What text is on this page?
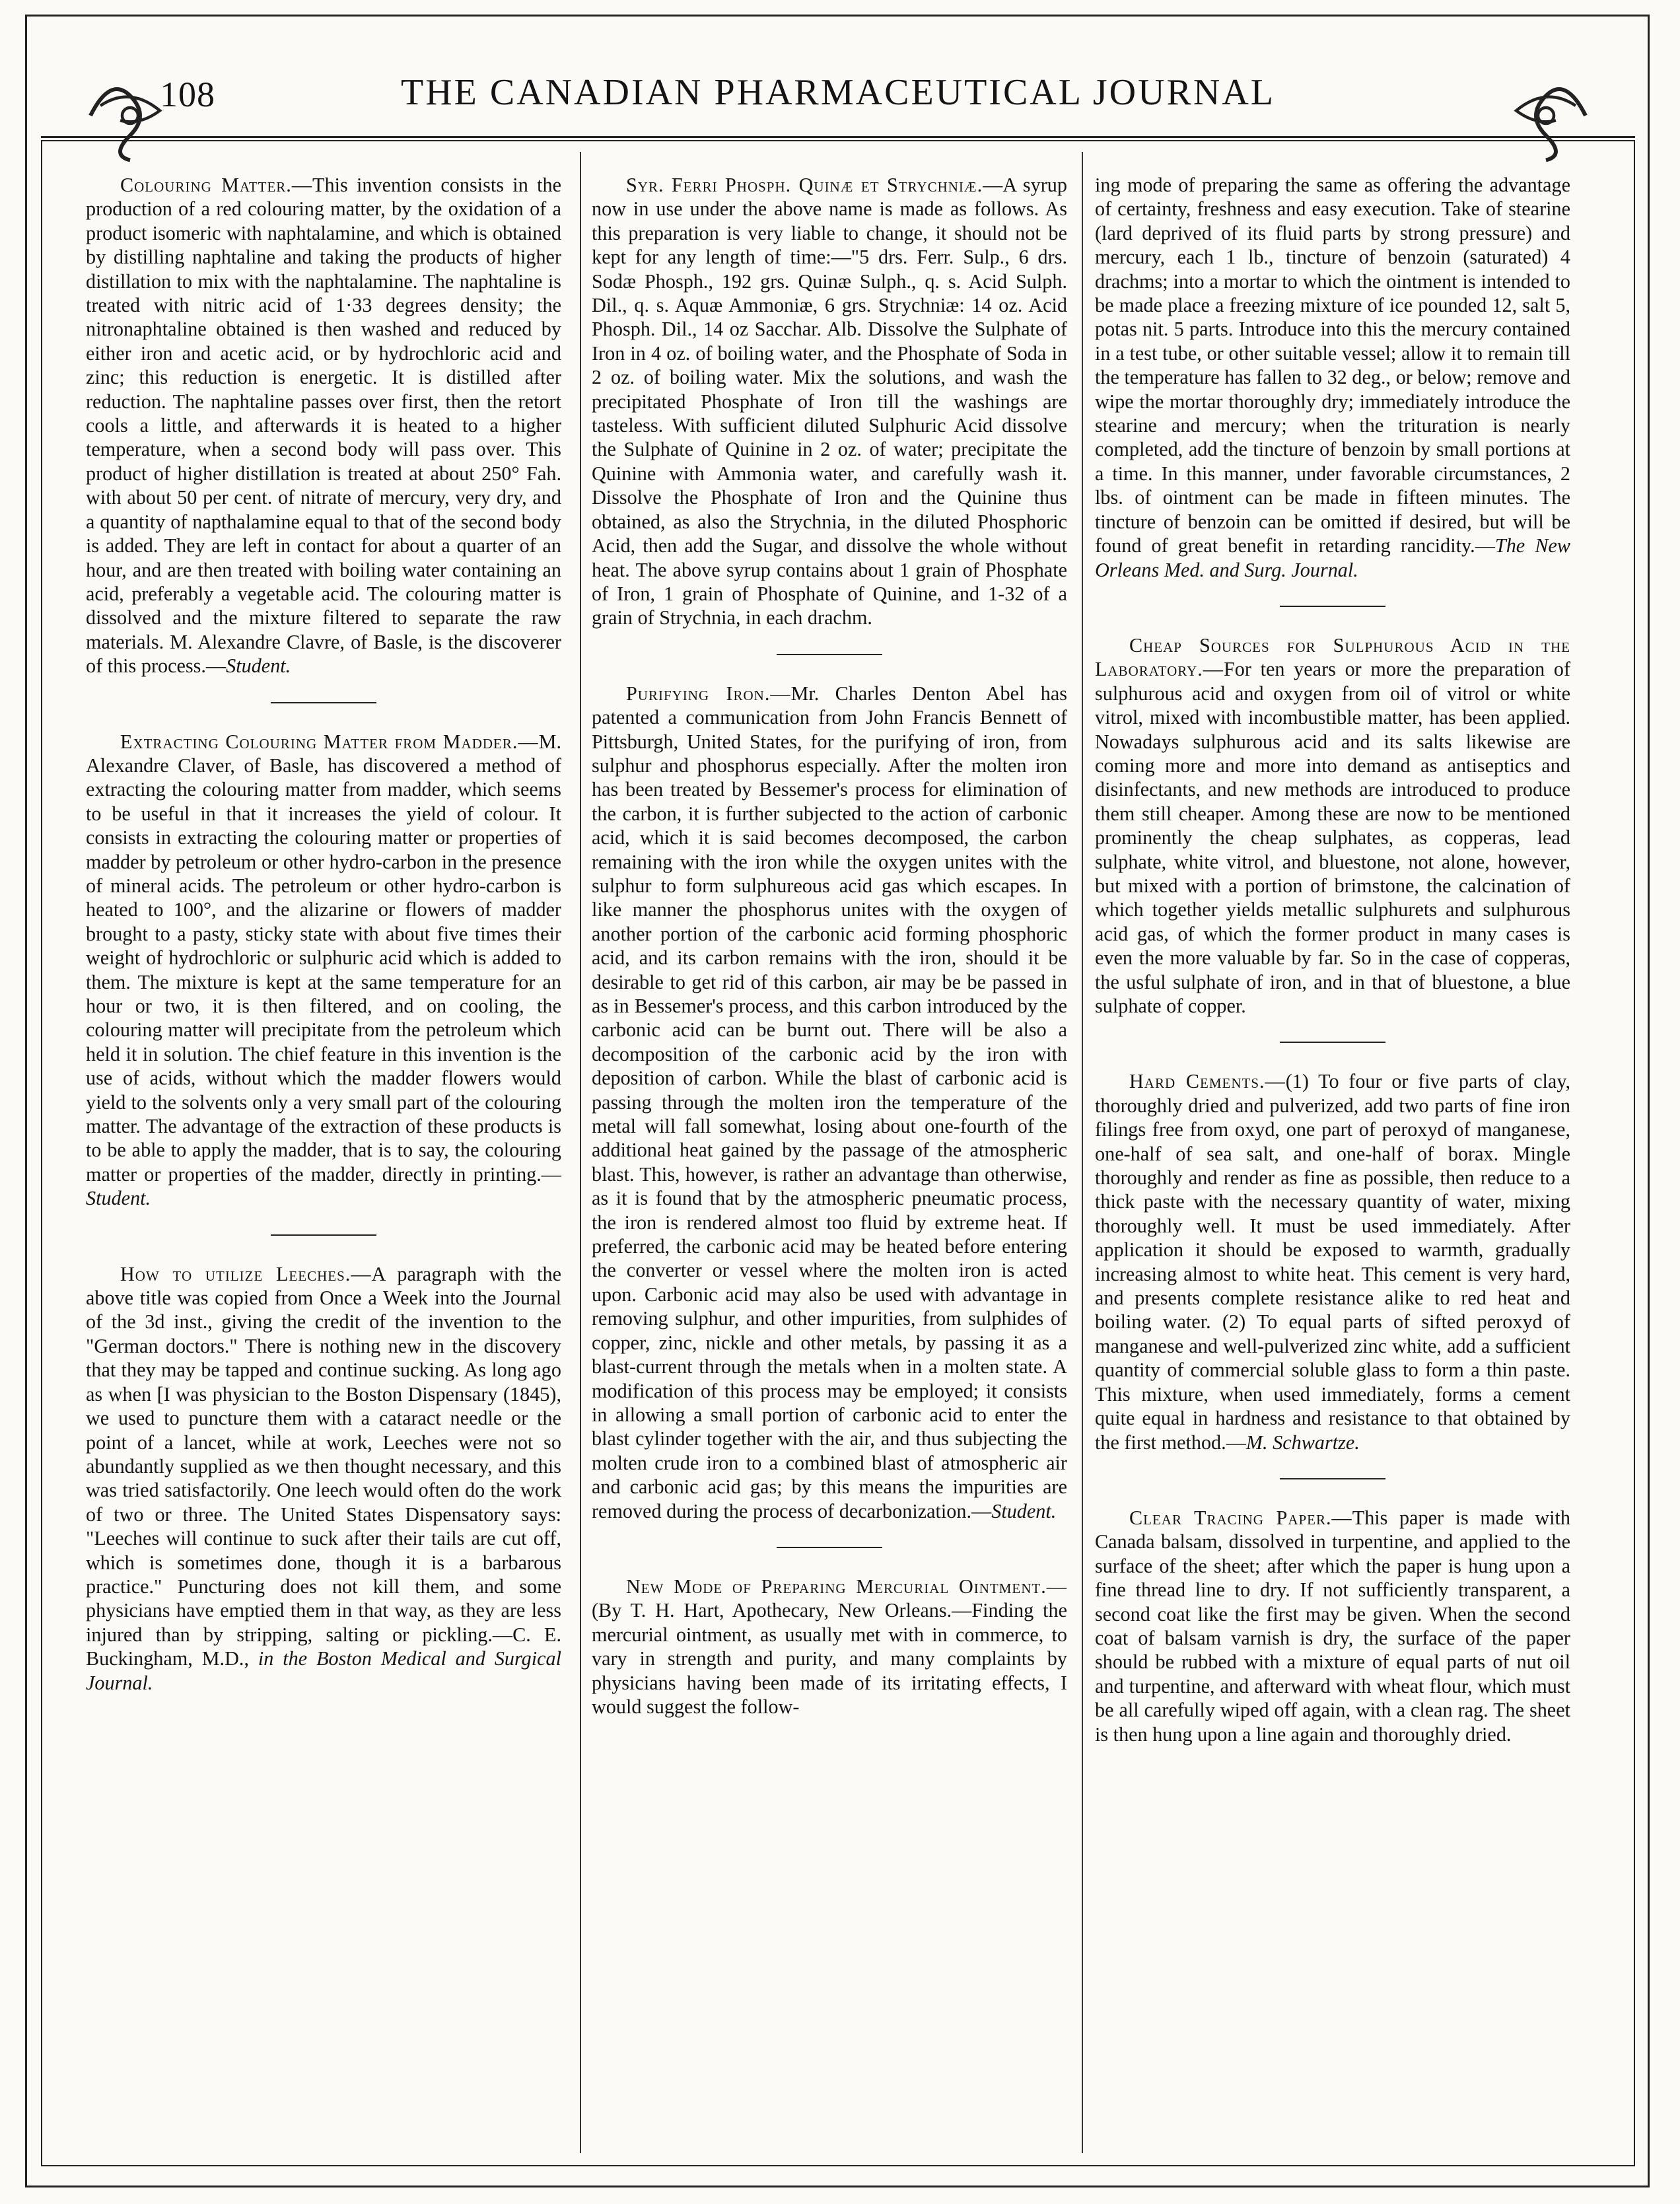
108	THE CANADIAN PHARMACEUTICAL JOURNAL

Colouring Matter.—This invention consists in the production of a red colouring matter, by the oxidation of a product isomeric with naphtalamine, and which is obtained by distilling naphtaline and taking the products of higher distillation to mix with the naphtalamine. The naphtaline is treated with nitric acid of 1·33 degrees density; the nitronaphtaline obtained is then washed and reduced by either iron and acetic acid, or by hydrochloric acid and zinc; this reduction is energetic. It is distilled after reduction. The naphtaline passes over first, then the retort cools a little, and afterwards it is heated to a higher temperature, when a second body will pass over. This product of higher distillation is treated at about 250° Fah. with about 50 per cent. of nitrate of mercury, very dry, and a quantity of napthalamine equal to that of the second body is added. They are left in contact for about a quarter of an hour, and are then treated with boiling water containing an acid, preferably a vegetable acid. The colouring matter is dissolved and the mixture filtered to separate the raw materials. M. Alexandre Clavre, of Basle, is the discoverer of this process.—Student.

Extracting Colouring Matter from Madder.—M. Alexandre Claver, of Basle, has discovered a method of extracting the colouring matter from madder, which seems to be useful in that it increases the yield of colour. It consists in extracting the colouring matter or properties of madder by petroleum or other hydro-carbon in the presence of mineral acids. The petroleum or other hydro-carbon is heated to 100°, and the alizarine or flowers of madder brought to a pasty, sticky state with about five times their weight of hydrochloric or sulphuric acid which is added to them. The mixture is kept at the same temperature for an hour or two, it is then filtered, and on cooling, the colouring matter will precipitate from the petroleum which held it in solution. The chief feature in this invention is the use of acids, without which the madder flowers would yield to the solvents only a very small part of the colouring matter. The advantage of the extraction of these products is to be able to apply the madder, that is to say, the colouring matter or properties of the madder, directly in printing.—Student.

How to utilize Leeches.—A paragraph with the above title was copied from Once a Week into the Journal of the 3d inst., giving the credit of the invention to the "German doctors." There is nothing new in the discovery that they may be tapped and continue sucking. As long ago as when [I was physician to the Boston Dispensary (1845), we used to puncture them with a cataract needle or the point of a lancet, while at work, Leeches were not so abundantly supplied as we then thought necessary, and this was tried satisfactorily. One leech would often do the work of two or three. The United States Dispensatory says: "Leeches will continue to suck after their tails are cut off, which is sometimes done, though it is a barbarous practice." Puncturing does not kill them, and some physicians have emptied them in that way, as they are less injured than by stripping, salting or pickling.—C. E. Buckingham, M.D., in the Boston Medical and Surgical Journal.

Syr. Ferri Phosph. Quinæ et Strychniæ.—A syrup now in use under the above name is made as follows. As this preparation is very liable to change, it should not be kept for any length of time:—"5 drs. Ferr. Sulp., 6 drs. Sodæ Phosph., 192 grs. Quinæ Sulph., q. s. Acid Sulph. Dil., q. s. Aquæ Ammoniæ, 6 grs. Strychniæ: 14 oz. Acid Phosph. Dil., 14 oz Sacchar. Alb. Dissolve the Sulphate of Iron in 4 oz. of boiling water, and the Phosphate of Soda in 2 oz. of boiling water. Mix the solutions, and wash the precipitated Phosphate of Iron till the washings are tasteless. With sufficient diluted Sulphuric Acid dissolve the Sulphate of Quinine in 2 oz. of water; precipitate the Quinine with Ammonia water, and carefully wash it. Dissolve the Phosphate of Iron and the Quinine thus obtained, as also the Strychnia, in the diluted Phosphoric Acid, then add the Sugar, and dissolve the whole without heat. The above syrup contains about 1 grain of Phosphate of Iron, 1 grain of Phosphate of Quinine, and 1-32 of a grain of Strychnia, in each drachm.

Purifying Iron.—Mr. Charles Denton Abel has patented a communication from John Francis Bennett of Pittsburgh, United States, for the purifying of iron, from sulphur and phosphorus especially. After the molten iron has been treated by Bessemer's process for elimination of the carbon, it is further subjected to the action of carbonic acid, which it is said becomes decomposed, the carbon remaining with the iron while the oxygen unites with the sulphur to form sulphureous acid gas which escapes. In like manner the phosphorus unites with the oxygen of another portion of the carbonic acid forming phosphoric acid, and its carbon remains with the iron, should it be desirable to get rid of this carbon, air may be be passed in as in Bessemer's process, and this carbon introduced by the carbonic acid can be burnt out. There will be also a decomposition of the carbonic acid by the iron with deposition of carbon. While the blast of carbonic acid is passing through the molten iron the temperature of the metal will fall somewhat, losing about one-fourth of the additional heat gained by the passage of the atmospheric blast. This, however, is rather an advantage than otherwise, as it is found that by the atmospheric pneumatic process, the iron is rendered almost too fluid by extreme heat. If preferred, the carbonic acid may be heated before entering the converter or vessel where the molten iron is acted upon. Carbonic acid may also be used with advantage in removing sulphur, and other impurities, from sulphides of copper, zinc, nickle and other metals, by passing it as a blast-current through the metals when in a molten state. A modification of this process may be employed; it consists in allowing a small portion of carbonic acid to enter the blast cylinder together with the air, and thus subjecting the molten crude iron to a combined blast of atmospheric air and carbonic acid gas; by this means the impurities are removed during the process of decarbonization.—Student.

New Mode of Preparing Mercurial Ointment.—(By T. H. Hart, Apothecary, New Orleans.—Finding the mercurial ointment, as usually met with in commerce, to vary in strength and purity, and many complaints by physicians having been made of its irritating effects, I would suggest the follow-

ing mode of preparing the same as offering the advantage of certainty, freshness and easy execution. Take of stearine (lard deprived of its fluid parts by strong pressure) and mercury, each 1 lb., tincture of benzoin (saturated) 4 drachms; into a mortar to which the ointment is intended to be made place a freezing mixture of ice pounded 12, salt 5, potas nit. 5 parts. Introduce into this the mercury contained in a test tube, or other suitable vessel; allow it to remain till the temperature has fallen to 32 deg., or below; remove and wipe the mortar thoroughly dry; immediately introduce the stearine and mercury; when the trituration is nearly completed, add the tincture of benzoin by small portions at a time. In this manner, under favorable circumstances, 2 lbs. of ointment can be made in fifteen minutes. The tincture of benzoin can be omitted if desired, but will be found of great benefit in retarding rancidity.—The New Orleans Med. and Surg. Journal.

Cheap Sources for Sulphurous Acid in the Laboratory.—For ten years or more the preparation of sulphurous acid and oxygen from oil of vitrol or white vitrol, mixed with incombustible matter, has been applied. Nowadays sulphurous acid and its salts likewise are coming more and more into demand as antiseptics and disinfectants, and new methods are introduced to produce them still cheaper. Among these are now to be mentioned prominently the cheap sulphates, as copperas, lead sulphate, white vitrol, and bluestone, not alone, however, but mixed with a portion of brimstone, the calcination of which together yields metallic sulphurets and sulphurous acid gas, of which the former product in many cases is even the more valuable by far. So in the case of copperas, the usful sulphate of iron, and in that of bluestone, a blue sulphate of copper.

Hard Cements.—(1) To four or five parts of clay, thoroughly dried and pulverized, add two parts of fine iron filings free from oxyd, one part of peroxyd of manganese, one-half of sea salt, and one-half of borax. Mingle thoroughly and render as fine as possible, then reduce to a thick paste with the necessary quantity of water, mixing thoroughly well. It must be used immediately. After application it should be exposed to warmth, gradually increasing almost to white heat. This cement is very hard, and presents complete resistance alike to red heat and boiling water. (2) To equal parts of sifted peroxyd of manganese and well-pulverized zinc white, add a sufficient quantity of commercial soluble glass to form a thin paste. This mixture, when used immediately, forms a cement quite equal in hardness and resistance to that obtained by the first method.—M. Schwartze.

Clear Tracing Paper.—This paper is made with Canada balsam, dissolved in turpentine, and applied to the surface of the sheet; after which the paper is hung upon a fine thread line to dry. If not sufficiently transparent, a second coat like the first may be given. When the second coat of balsam varnish is dry, the surface of the paper should be rubbed with a mixture of equal parts of nut oil and turpentine, and afterward with wheat flour, which must be all carefully wiped off again, with a clean rag. The sheet is then hung upon a line again and thoroughly dried.
